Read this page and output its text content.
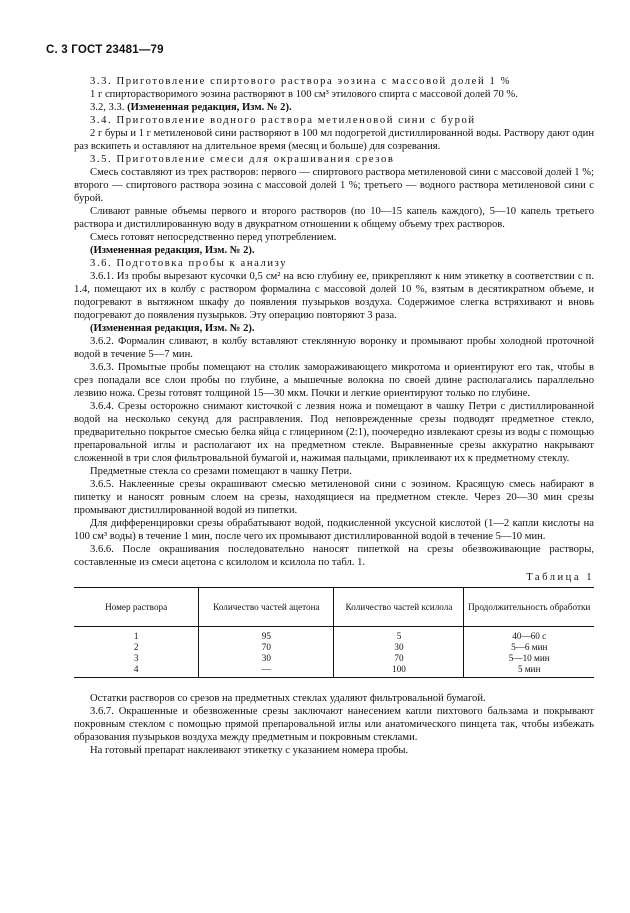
С. 3 ГОСТ 23481—79

3.3. Приготовление спиртового раствора эозина с массовой долей 1 %

1 г спирторастворимого эозина растворяют в 100 см³ этилового спирта с массовой долей 70 %.

3.2, 3.3. (Измененная редакция, Изм. № 2).

3.4. Приготовление водного раствора метиленовой сини с бурой

2 г буры и 1 г метиленовой сини растворяют в 100 мл подогретой дистиллированной воды. Раствору дают один раз вскипеть и оставляют на длительное время (месяц и больше) для созревания.

3.5. Приготовление смеси для окрашивания срезов

Смесь составляют из трех растворов: первого — спиртового раствора метиленовой сини с массовой долей 1 %; второго — спиртового раствора эозина с массовой долей 1 %; третьего — водного раствора метиленовой сини с бурой.

Сливают равные объемы первого и второго растворов (по 10—15 капель каждого), 5—10 капель третьего раствора и дистиллированную воду в двукратном отношении к общему объему трех растворов.

Смесь готовят непосредственно перед употреблением.

(Измененная редакция, Изм. № 2).

3.6. Подготовка пробы к анализу

3.6.1. Из пробы вырезают кусочки 0,5 см² на всю глубину ее, прикрепляют к ним этикетку в соответствии с п. 1.4, помещают их в колбу с раствором формалина с массовой долей 10 %, взятым в десятикратном объеме, и подогревают в вытяжном шкафу до появления пузырьков воздуха. Содержимое слегка встряхивают и вновь подогревают до появления пузырьков. Эту операцию повторяют 3 раза.

(Измененная редакция, Изм. № 2).

3.6.2. Формалин сливают, в колбу вставляют стеклянную воронку и промывают пробы холодной проточной водой в течение 5—7 мин.

3.6.3. Промытые пробы помещают на столик замораживающего микротома и ориентируют его так, чтобы в срез попадали все слои пробы по глубине, а мышечные волокна по своей длине располагались параллельно лезвию ножа. Срезы готовят толщиной 15—30 мкм. Почки и легкие ориентируют только по глубине.

3.6.4. Срезы осторожно снимают кисточкой с лезвия ножа и помещают в чашку Петри с дистиллированной водой на несколько секунд для расправления. Под неповрежденные срезы подводят предметное стекло, предварительно покрытое смесью белка яйца с глицерином (2:1), поочередно извлекают срезы из воды с помощью препаровальной иглы и располагают их на предметном стекле. Выравненные срезы аккуратно накрывают сложенной в три слоя фильтровальной бумагой и, нажимая пальцами, приклеивают их к предметному стеклу.

Предметные стекла со срезами помещают в чашку Петри.

3.6.5. Наклеенные срезы окрашивают смесью метиленовой сини с эозином. Красящую смесь набирают в пипетку и наносят ровным слоем на срезы, находящиеся на предметном стекле. Через 20—30 мин срезы промывают дистиллированной водой из пипетки.

Для дифференцировки срезы обрабатывают водой, подкисленной уксусной кислотой (1—2 капли кислоты на 100 см³ воды) в течение 1 мин, после чего их промывают дистиллированной водой в течение 5—10 мин.

3.6.6. После окрашивания последовательно наносят пипеткой на срезы обезвоживающие растворы, составленные из смеси ацетона с ксилолом и ксилола по табл. 1.

Таблица 1
Номер раствора	Количество частей ацетона	Количество частей ксилола	Продолжительность обработки
1	95	5	40—60 с
2	70	30	5—6 мин
3	30	70	5—10 мин
4	—	100	5 мин

Остатки растворов со срезов на предметных стеклах удаляют фильтровальной бумагой.

3.6.7. Окрашенные и обезвоженные срезы заключают нанесением капли пихтового бальзама и покрывают покровным стеклом с помощью прямой препаровальной иглы или анатомического пинцета так, чтобы избежать образования пузырьков воздуха между предметным и покровным стеклами.

На готовый препарат наклеивают этикетку с указанием номера пробы.
